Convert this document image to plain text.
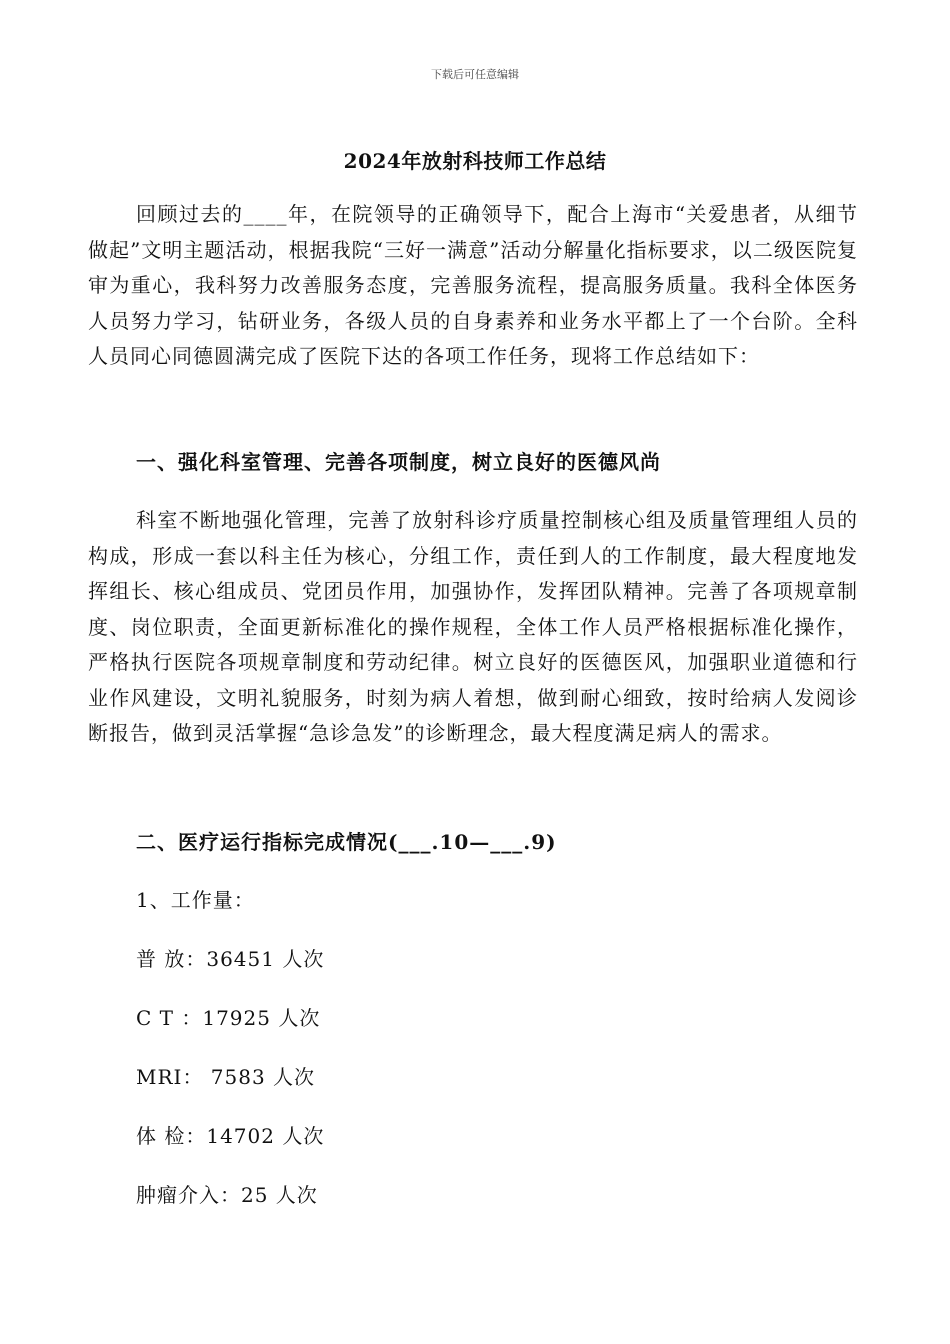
下载后可任意编辑
2024年放射科技师工作总结

回顾过去的____年，在院领导的正确领导下，配合上海市“关爱患者，从细节做起”文明主题活动，根据我院“三好一满意”活动分解量化指标要求，以二级医院复审为重心，我科努力改善服务态度，完善服务流程，提高服务质量。我科全体医务人员努力学习，钻研业务，各级人员的自身素养和业务水平都上了一个台阶。全科人员同心同德圆满完成了医院下达的各项工作任务，现将工作总结如下：

一、强化科室管理、完善各项制度，树立良好的医德风尚

科室不断地强化管理，完善了放射科诊疗质量控制核心组及质量管理组人员的构成，形成一套以科主任为核心，分组工作，责任到人的工作制度，最大程度地发挥组长、核心组成员、党团员作用，加强协作，发挥团队精神。完善了各项规章制度、岗位职责，全面更新标准化的操作规程，全体工作人员严格根据标准化操作，严格执行医院各项规章制度和劳动纪律。树立良好的医德医风，加强职业道德和行业作风建设，文明礼貌服务，时刻为病人着想，做到耐心细致，按时给病人发阅诊断报告，做到灵活掌握“急诊急发”的诊断理念，最大程度满足病人的需求。

二、医疗运行指标完成情况(___.10—___.9)

1、工作量：

普 放：36451 人次

C T ：17925 人次

MRI： 7583 人次

体 检：14702 人次

肿瘤介入：25 人次
